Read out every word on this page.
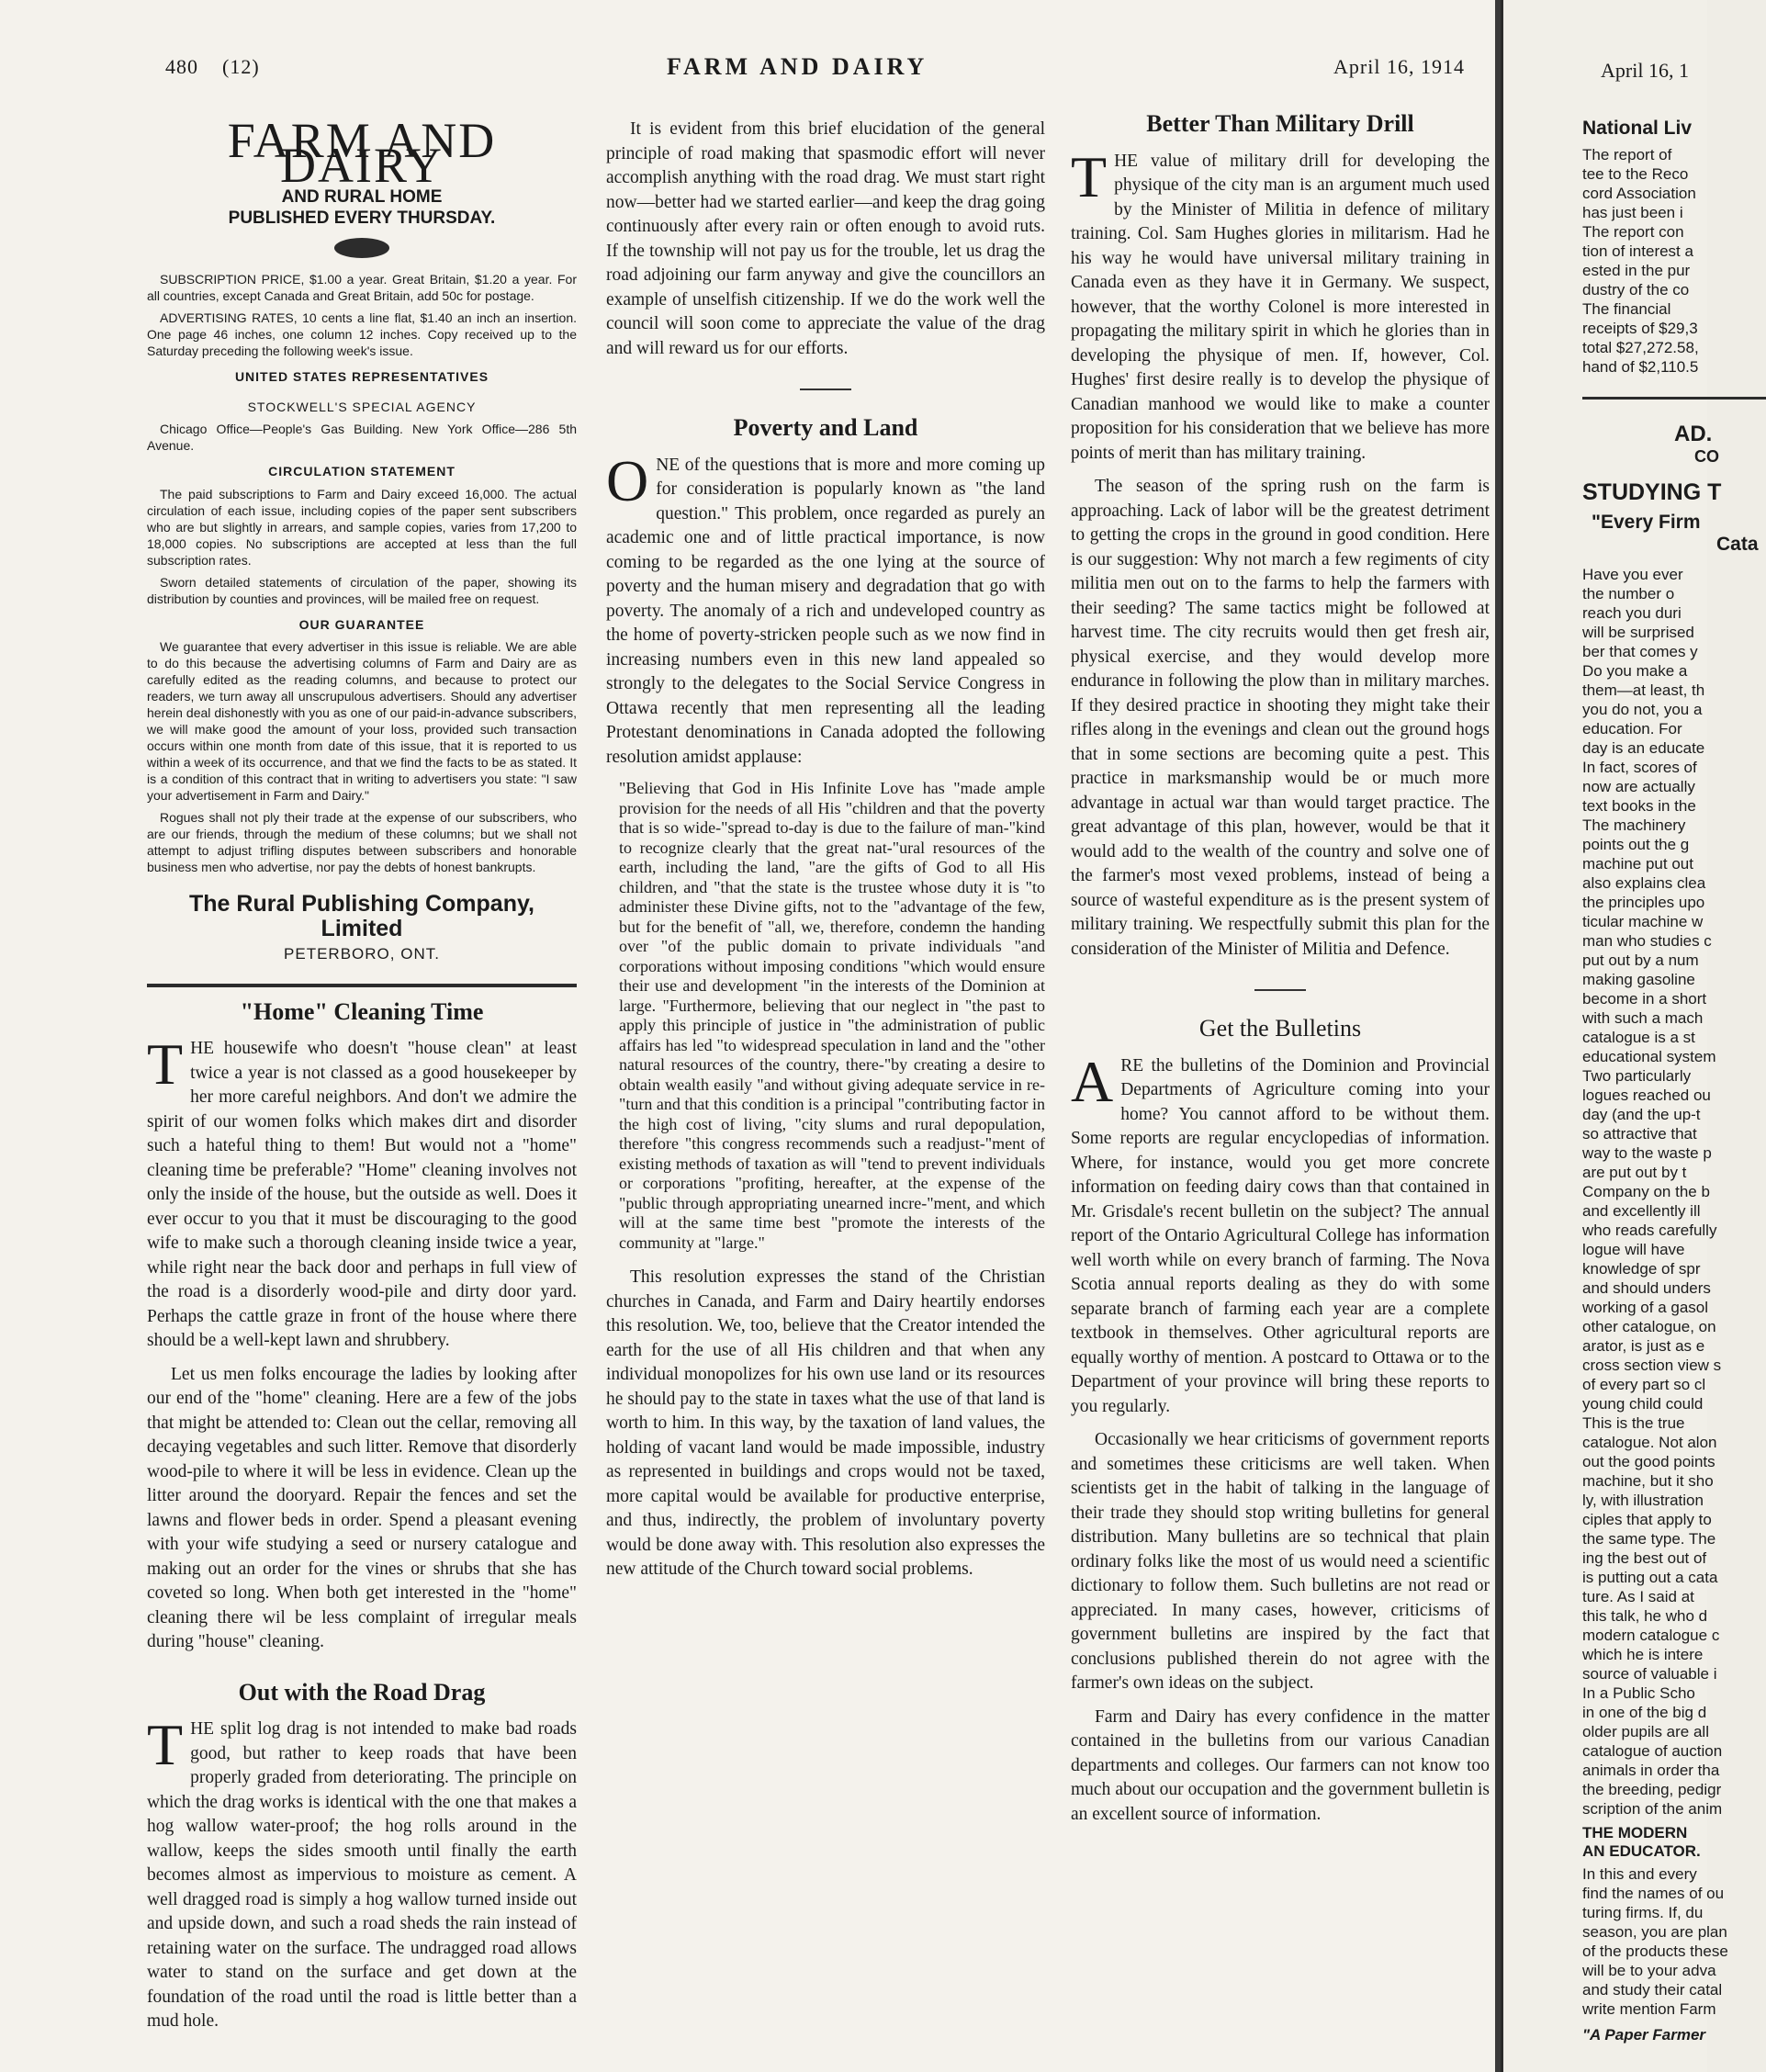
480 (12)	FARM AND DAIRY	April 16, 1914
FARM AND DAIRY
AND RURAL HOME
PUBLISHED EVERY THURSDAY.

SUBSCRIPTION PRICE, $1.00 a year. Great Britain, $1.20 a year. For all countries, except Canada and Great Britain, add 50c for postage.

ADVERTISING RATES, 10 cents a line flat, $1.40 an inch an insertion. One page 46 inches, one column 12 inches. Copy received up to the Saturday preceding the following week's issue.

UNITED STATES REPRESENTATIVES
STOCKWELL'S SPECIAL AGENCY

Chicago Office—People's Gas Building. New York Office—286 5th Avenue.

CIRCULATION STATEMENT

The paid subscriptions to Farm and Dairy exceed 16,000. The actual circulation of each issue, including copies of the paper sent subscribers who are but slightly in arrears, and sample copies, varies from 17,200 to 18,000 copies. No subscriptions are accepted at less than the full subscription rates.

Sworn detailed statements of circulation of the paper, showing its distribution by counties and provinces, will be mailed free on request.

OUR GUARANTEE

We guarantee that every advertiser in this issue is reliable. We are able to do this because the advertising columns of Farm and Dairy are as carefully edited as the reading columns, and because to protect our readers, we turn away all unscrupulous advertisers. Should any advertiser herein deal dishonestly with you as one of our paid-in-advance subscribers, we will make good the amount of your loss, provided such transaction occurs within one month from date of this issue, that it is reported to us within a week of its occurrence, and that we find the facts to be as stated. It is a condition of this contract that in writing to advertisers you state: "I saw your advertisement in Farm and Dairy."

Rogues shall not ply their trade at the expense of our subscribers, who are our friends, through the medium of these columns; but we shall not attempt to adjust trifling disputes between subscribers and honorable business men who advertise, nor pay the debts of honest bankrupts.

The Rural Publishing Company, Limited
PETERBORO, ONT.
"Home" Cleaning Time

THE housewife who doesn't "house clean" at least twice a year is not classed as a good housekeeper by her more careful neighbors. And don't we admire the spirit of our women folks which makes dirt and disorder such a hateful thing to them! But would not a "home" cleaning time be preferable? "Home" cleaning involves not only the inside of the house, but the outside as well. Does it ever occur to you that it must be discouraging to the good wife to make such a thorough cleaning inside twice a year, while right near the back door and perhaps in full view of the road is a disorderly wood-pile and dirty door yard. Perhaps the cattle graze in front of the house where there should be a well-kept lawn and shrubbery.

Let us men folks encourage the ladies by looking after our end of the "home" cleaning. Here are a few of the jobs that might be attended to: Clean out the cellar, removing all decaying vegetables and such litter. Remove that disorderly wood-pile to where it will be less in evidence. Clean up the litter around the dooryard. Repair the fences and set the lawns and flower beds in order. Spend a pleasant evening with your wife studying a seed or nursery catalogue and making out an order for the vines or shrubs that she has coveted so long. When both get interested in the "home" cleaning there wil be less complaint of irregular meals during "house" cleaning.

Out with the Road Drag

THE split log drag is not intended to make bad roads good, but rather to keep roads that have been properly graded from deteriorating. The principle on which the drag works is identical with the one that makes a hog wallow water-proof; the hog rolls around in the wallow, keeps the sides smooth until finally the earth becomes almost as impervious to moisture as cement. A well dragged road is simply a hog wallow turned inside out and upside down, and such a road sheds the rain instead of retaining water on the surface. The undragged road allows water to stand on the surface and get down at the foundation of the road until the road is little better than a mud hole.

It is evident from this brief elucidation of the general principle of road making that spasmodic effort will never accomplish anything with the road drag. We must start right now—better had we started earlier—and keep the drag going continuously after every rain or often enough to avoid ruts. If the township will not pay us for the trouble, let us drag the road adjoining our farm anyway and give the councillors an example of unselfish citizenship. If we do the work well the council will soon come to appreciate the value of the drag and will reward us for our efforts.

Poverty and Land

ONE of the questions that is more and more coming up for consideration is popularly known as "the land question." This problem, once regarded as purely an academic one and of little practical importance, is now coming to be regarded as the one lying at the source of poverty and the human misery and degradation that go with poverty. The anomaly of a rich and undeveloped country as the home of poverty-stricken people such as we now find in increasing numbers even in this new land appealed so strongly to the delegates to the Social Service Congress in Ottawa recently that men representing all the leading Protestant denominations in Canada adopted the following resolution amidst applause:

"Believing that God in His Infinite Love has "made ample provision for the needs of all His "children and that the poverty that is so wide-"spread to-day is due to the failure of man-"kind to recognize clearly that the great nat-"ural resources of the earth, including the land, "are the gifts of God to all His children, and "that the state is the trustee whose duty it is "to administer these Divine gifts, not to the "advantage of the few, but for the benefit of "all, we, therefore, condemn the handing over "of the public domain to private individuals "and corporations without imposing conditions "which would ensure their use and development "in the interests of the Dominion at large. "Furthermore, believing that our neglect in "the past to apply this principle of justice in "the administration of public affairs has led "to widespread speculation in land and the "other natural resources of the country, there-"by creating a desire to obtain wealth easily "and without giving adequate service in re-"turn and that this condition is a principal "contributing factor in the high cost of living, "city slums and rural depopulation, therefore "this congress recommends such a readjust-"ment of existing methods of taxation as will "tend to prevent individuals or corporations "profiting, hereafter, at the expense of the "public through appropriating unearned incre-"ment, and which will at the same time best "promote the interests of the community at "large."

This resolution expresses the stand of the Christian churches in Canada, and Farm and Dairy heartily endorses this resolution. We, too, believe that the Creator intended the earth for the use of all His children and that when any individual monopolizes for his own use land or its resources he should pay to the state in taxes what the use of that land is worth to him. In this way, by the taxation of land values, the holding of vacant land would be made impossible, industry as represented in buildings and crops would not be taxed, more capital would be available for productive enterprise, and thus, indirectly, the problem of involuntary poverty would be done away with. This resolution also expresses the new attitude of the Church toward social problems.

Better Than Military Drill

THE value of military drill for developing the physique of the city man is an argument much used by the Minister of Militia in defence of military training. Col. Sam Hughes glories in militarism. Had he his way he would have universal military training in Canada even as they have it in Germany. We suspect, however, that the worthy Colonel is more interested in propagating the military spirit in which he glories than in developing the physique of men. If, however, Col. Hughes' first desire really is to develop the physique of Canadian manhood we would like to make a counter proposition for his consideration that we believe has more points of merit than has military training.

The season of the spring rush on the farm is approaching. Lack of labor will be the greatest detriment to getting the crops in the ground in good condition. Here is our suggestion: Why not march a few regiments of city militia men out on to the farms to help the farmers with their seeding? The same tactics might be followed at harvest time. The city recruits would then get fresh air, physical exercise, and they would develop more endurance in following the plow than in military marches. If they desired practice in shooting they might take their rifles along in the evenings and clean out the ground hogs that in some sections are becoming quite a pest. This practice in marksmanship would be or much more advantage in actual war than would target practice. The great advantage of this plan, however, would be that it would add to the wealth of the country and solve one of the farmer's most vexed problems, instead of being a source of wasteful expenditure as is the present system of military training. We respectfully submit this plan for the consideration of the Minister of Militia and Defence.

Get the Bulletins

ARE the bulletins of the Dominion and Provincial Departments of Agriculture coming into your home? You cannot afford to be without them. Some reports are regular encyclopedias of information. Where, for instance, would you get more concrete information on feeding dairy cows than that contained in Mr. Grisdale's recent bulletin on the subject? The annual report of the Ontario Agricultural College has information well worth while on every branch of farming. The Nova Scotia annual reports dealing as they do with some separate branch of farming each year are a complete textbook in themselves. Other agricultural reports are equally worthy of mention. A postcard to Ottawa or to the Department of your province will bring these reports to you regularly.

Occasionally we hear criticisms of government reports and sometimes these criticisms are well taken. When scientists get in the habit of talking in the language of their trade they should stop writing bulletins for general distribution. Many bulletins are so technical that plain ordinary folks like the most of us would need a scientific dictionary to follow them. Such bulletins are not read or appreciated. In many cases, however, criticisms of government bulletins are inspired by the fact that conclusions published therein do not agree with the farmer's own ideas on the subject.

Farm and Dairy has every confidence in the matter contained in the bulletins from our various Canadian departments and colleges. Our farmers can not know too much about our occupation and the government bulletin is an excellent source of information.

April 16, 1
National Liv
The report of
tee to the Reco
cord Association
has just been i
The report con
tion of interest a
ested in the pur
dustry of the co
The financial
receipts of $29,3
total $27,272.58,
hand of $2,110.5
AD.
CO
STUDYING T
"Every Firm
Cata
Have you ever
the number o
reach you duri
will be surprised
ber that comes y
Do you make a
them—at least, th
you do not, you a
education. For
day is an educate
In fact, scores of
now are actually
text books in the
The machinery
points out the g
machine put out
also explains clea
the principles upo
ticular machine w
man who studies c
put out by a num
making gasoline
become in a short
with such a mach
catalogue is a st
educational system
Two particularly
logues reached ou
day (and the up-t
so attractive that
way to the waste p
are put out by t
Company on the b
and excellently ill
who reads carefully
logue will have
knowledge of spr
and should unders
working of a gasol
other catalogue, on
arator, is just as e
cross section view s
of every part so cl
young child could
This is the true
catalogue. Not alon
out the good points
machine, but it sho
ly, with illustration
ciples that apply to
the same type. The
ing the best out of
is putting out a cata
ture. As I said at
this talk, he who d
modern catalogue c
which he is intere
source of valuable i
In a Public Scho
in one of the big d
older pupils are all
catalogue of auction
animals in order tha
the breeding, pedigr
scription of the anim
THE MODERN
AN EDUCATOR.
In this and every
find the names of ou
turing firms. If, du
season, you are plan
of the products these
will be to your adva
and study their catal
write mention Farm
"A Paper Farmer
